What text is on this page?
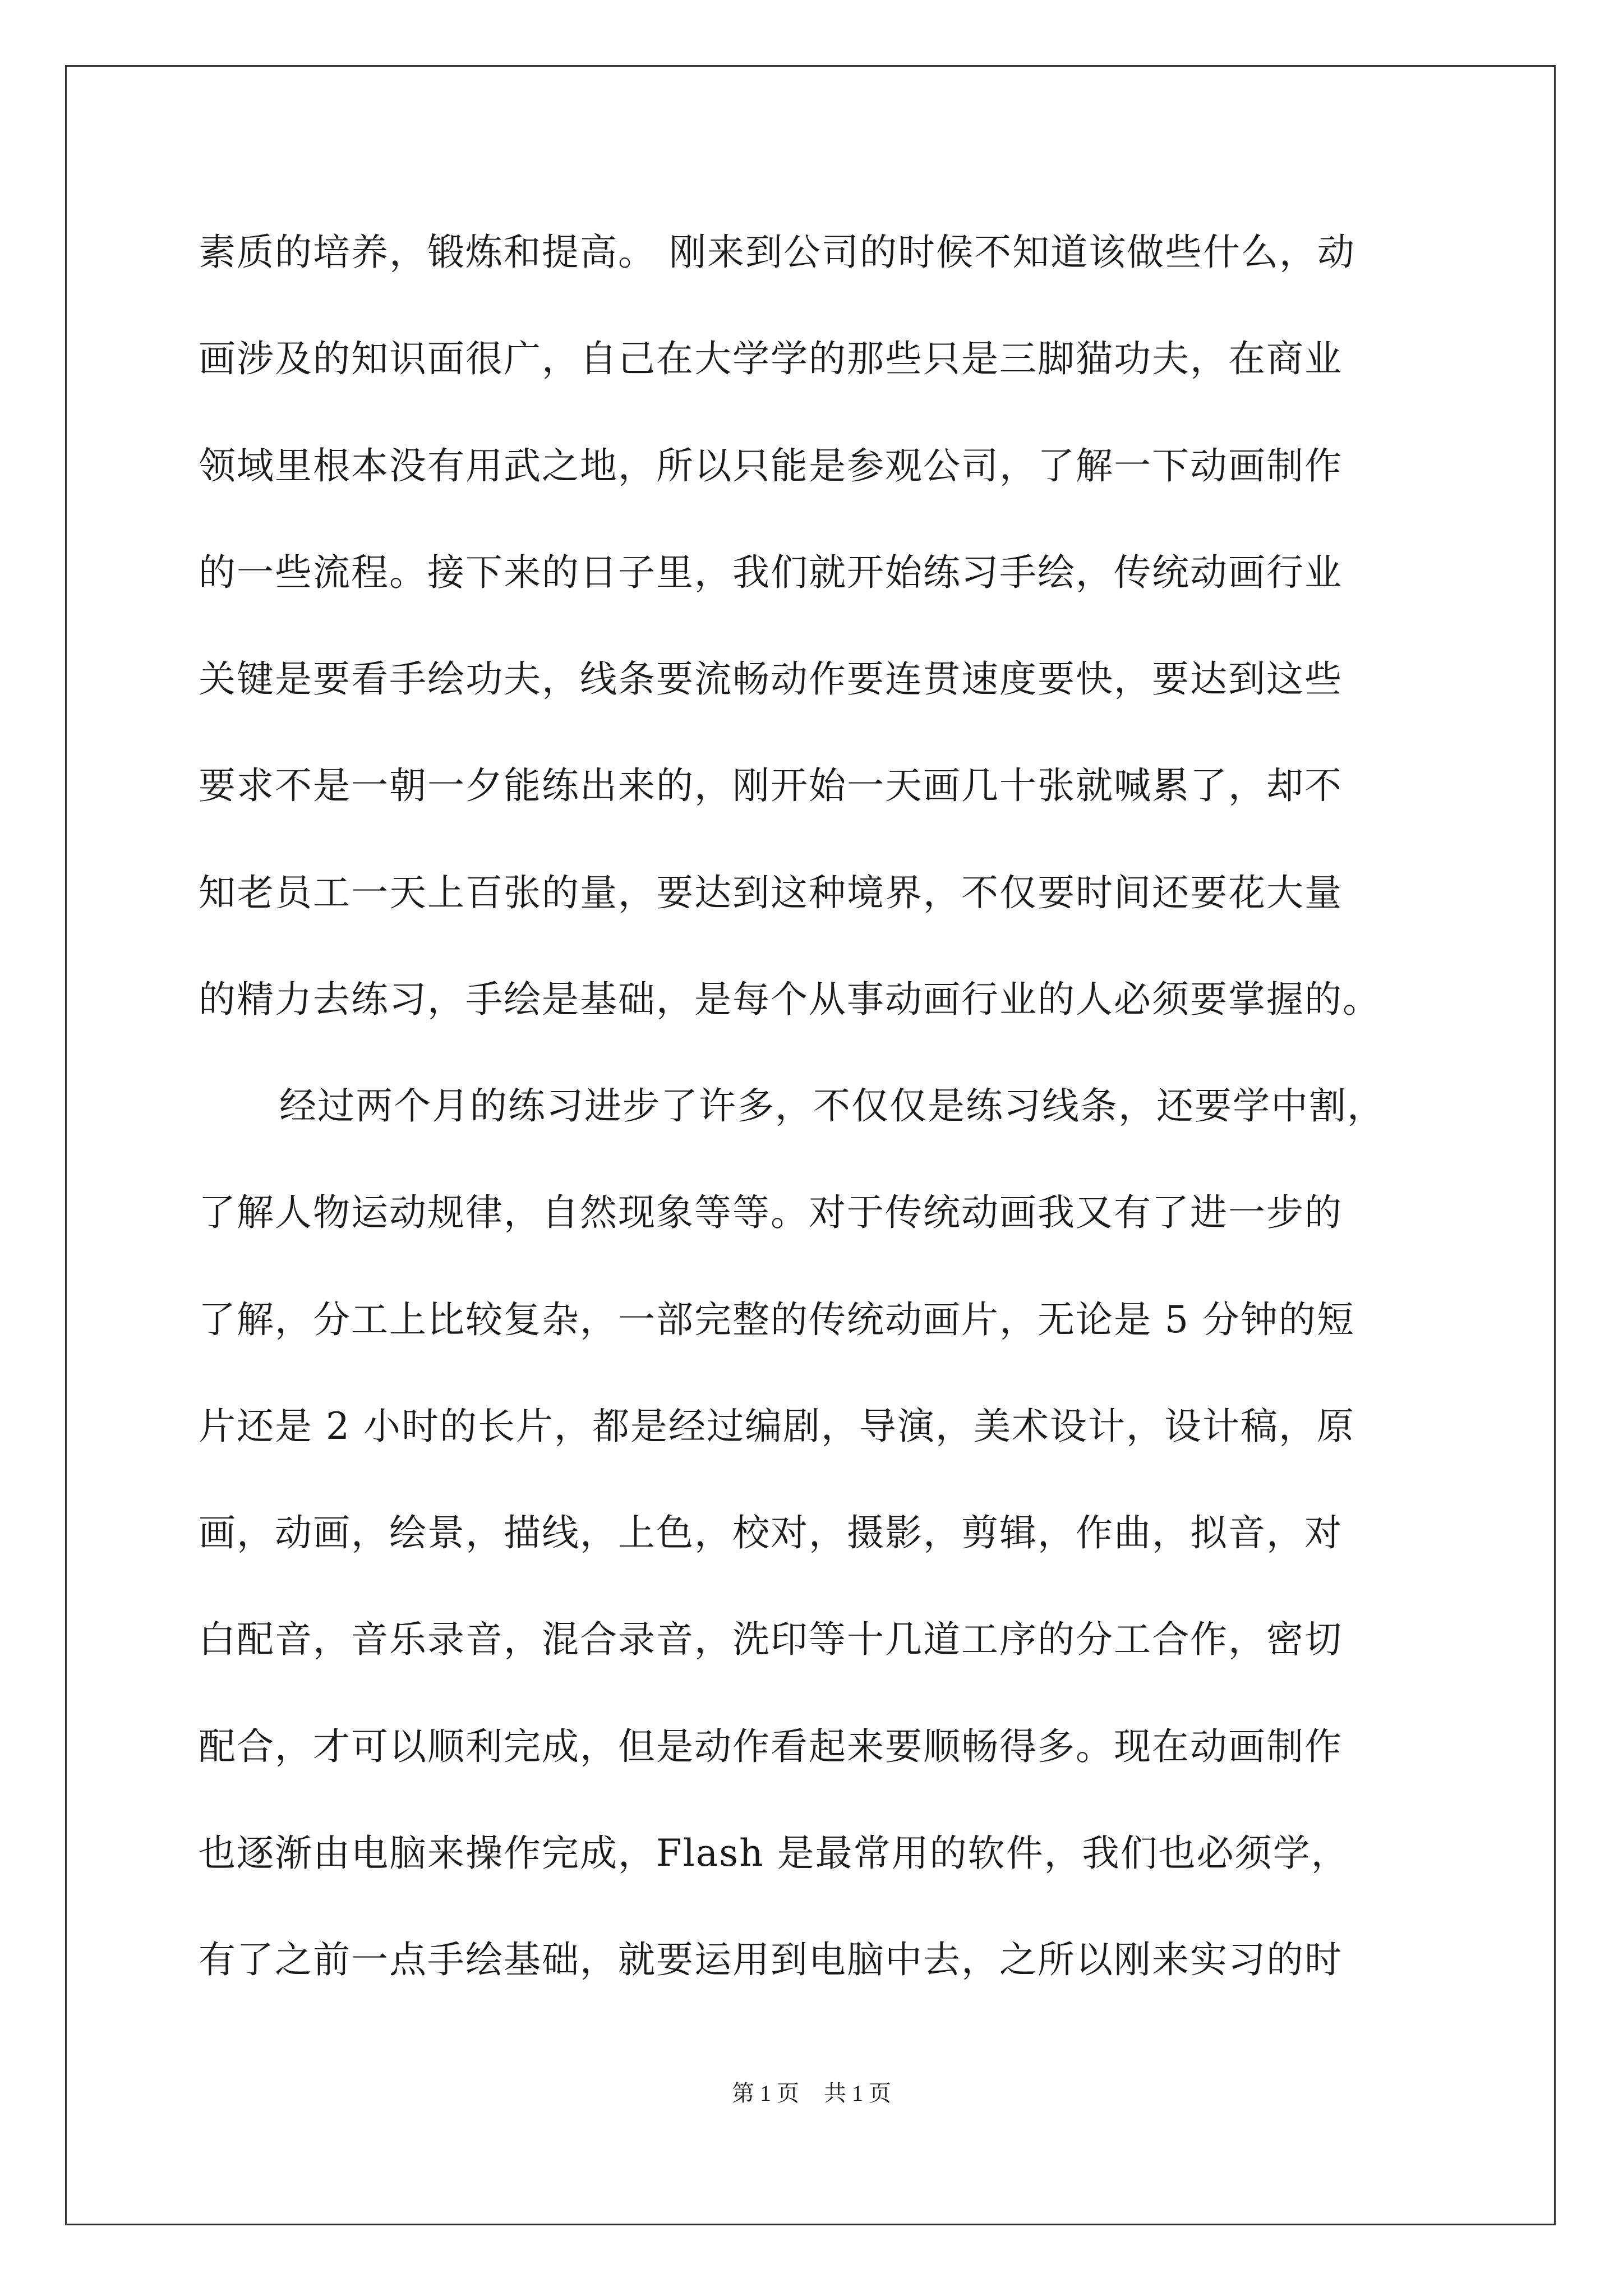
素质的培养，锻炼和提高。 刚来到公司的时候不知道该做些什么，动
画涉及的知识面很广，自己在大学学的那些只是三脚猫功夫，在商业
领域里根本没有用武之地，所以只能是参观公司，了解一下动画制作
的一些流程。接下来的日子里，我们就开始练习手绘，传统动画行业
关键是要看手绘功夫，线条要流畅动作要连贯速度要快，要达到这些
要求不是一朝一夕能练出来的，刚开始一天画几十张就喊累了，却不
知老员工一天上百张的量，要达到这种境界，不仅要时间还要花大量
的精力去练习，手绘是基础，是每个从事动画行业的人必须要掌握的。
经过两个月的练习进步了许多，不仅仅是练习线条，还要学中割，
了解人物运动规律，自然现象等等。对于传统动画我又有了进一步的
了解，分工上比较复杂，一部完整的传统动画片，无论是 5 分钟的短
片还是 2 小时的长片，都是经过编剧，导演，美术设计，设计稿，原
画，动画，绘景，描线，上色，校对，摄影，剪辑，作曲，拟音，对
白配音，音乐录音，混合录音，洗印等十几道工序的分工合作，密切
配合，才可以顺利完成，但是动作看起来要顺畅得多。现在动画制作
也逐渐由电脑来操作完成，Flash 是最常用的软件，我们也必须学，
有了之前一点手绘基础，就要运用到电脑中去，之所以刚来实习的时
第 1 页 共 1 页
